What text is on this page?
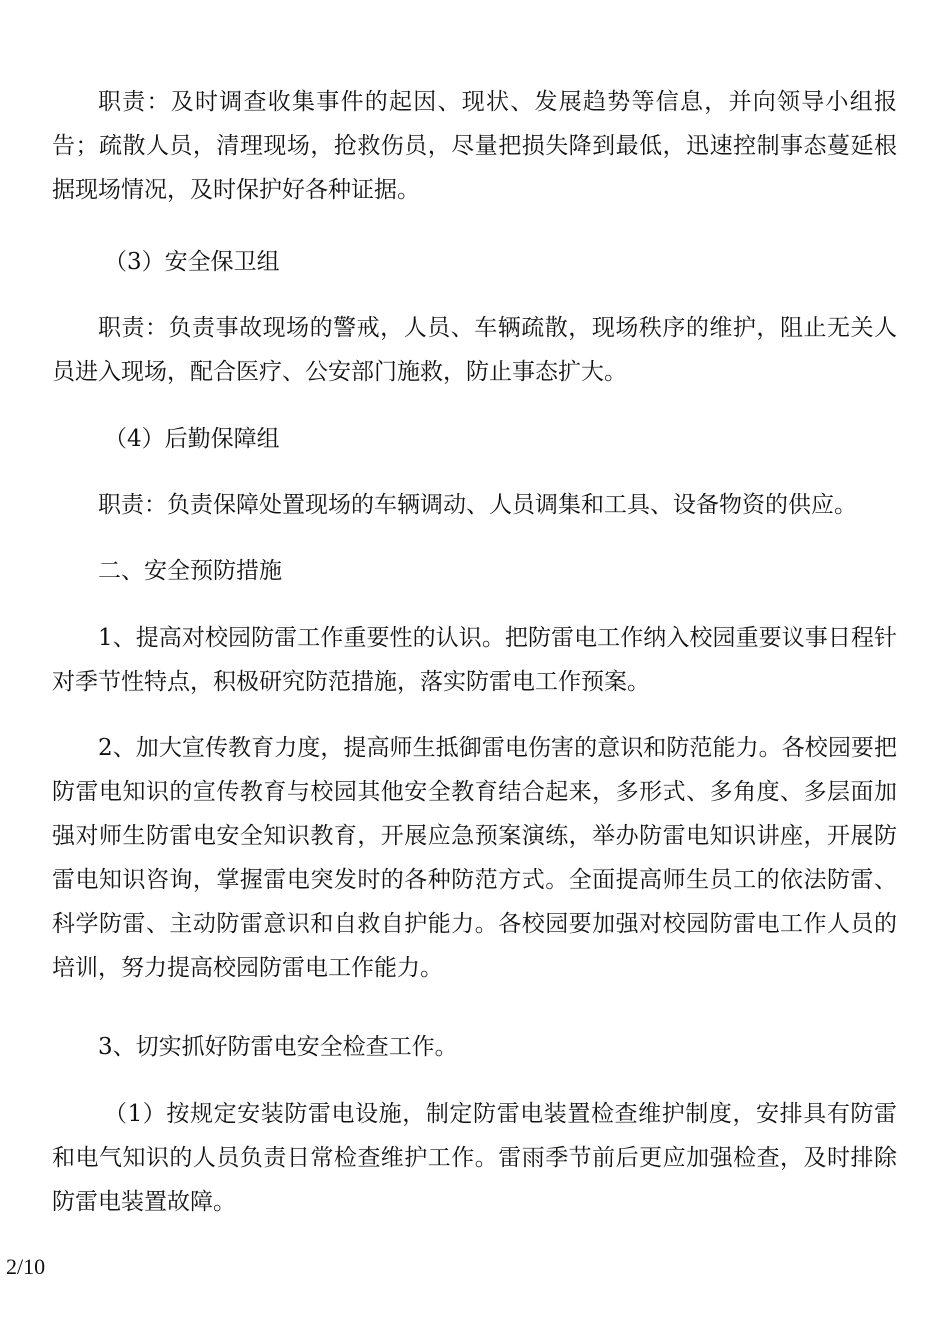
职责：及时调查收集事件的起因、现状、发展趋势等信息，并向领导小组报告；疏散人员，清理现场，抢救伤员，尽量把损失降到最低，迅速控制事态蔓延根据现场情况，及时保护好各种证据。

（3）安全保卫组

职责：负责事故现场的警戒，人员、车辆疏散，现场秩序的维护，阻止无关人员进入现场，配合医疗、公安部门施救，防止事态扩大。

（4）后勤保障组

职责：负责保障处置现场的车辆调动、人员调集和工具、设备物资的供应。

二、安全预防措施

1、提高对校园防雷工作重要性的认识。把防雷电工作纳入校园重要议事日程针对季节性特点，积极研究防范措施，落实防雷电工作预案。

2、加大宣传教育力度，提高师生抵御雷电伤害的意识和防范能力。各校园要把防雷电知识的宣传教育与校园其他安全教育结合起来，多形式、多角度、多层面加强对师生防雷电安全知识教育，开展应急预案演练，举办防雷电知识讲座，开展防雷电知识咨询，掌握雷电突发时的各种防范方式。全面提高师生员工的依法防雷、科学防雷、主动防雷意识和自救自护能力。各校园要加强对校园防雷电工作人员的培训，努力提高校园防雷电工作能力。

3、切实抓好防雷电安全检查工作。

（1）按规定安装防雷电设施，制定防雷电装置检查维护制度，安排具有防雷和电气知识的人员负责日常检查维护工作。雷雨季节前后更应加强检查，及时排除防雷电装置故障。

2/10
